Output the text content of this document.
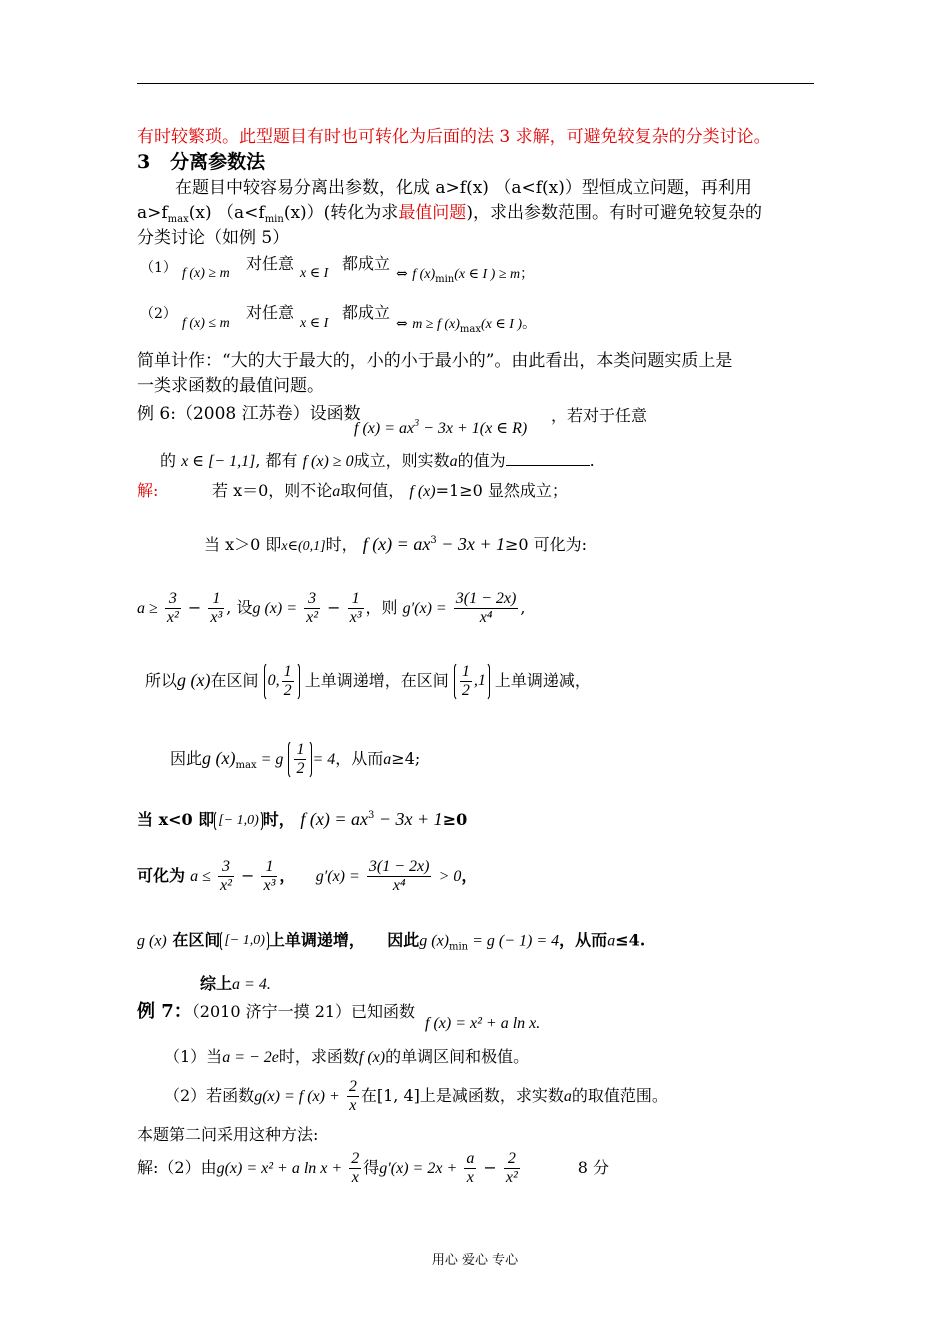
有时较繁琐。此型题目有时也可转化为后面的法 3 求解，可避免较复杂的分类讨论。
3 分离参数法
在题目中较容易分离出参数，化成 a>f(x) （a<f(x)）型恒成立问题，再利用
$a>f_{max}(x)$ $(a<f_{min}(x))$(转化为求最值问题)，求出参数范围。有时可避免较复杂的
分类讨论（如例 5）
（1） f (x) ≥ m
对任意
x ∈ I
都成立
⇔ f $(x)_{min}(x$ ∈ I ) ≥ m；
（2）
f (x) ≤ m
对任意
x ∈ I
都成立
⇔ m ≥ f $(x)_{max}(x$ ∈ I )。
简单计作：“大的大于最大的，小的小于最小的”。由此看出，本类问题实质上是
一类求函数的最值问题。
例 6:（2008 江苏卷）设函数
f $(x) = ax^3 - 3x + 1(x$ ∈ R)
，若对于任意
的 x ∈ [− 1,1], 都有 f (x) ≥ 0成立，则实数a的值为	.
解:	若 x＝0，则不论a取何值， f (x)=1≥0 显然成立；
当 x＞0 即x∈(0,1]时， f $(x) = ax^3 - 3x + 1\ge 0$ 可化为:
$a \ge \frac{3}{\text{x²}} - \frac{1}{\text{x³}}$ , 设g $(x) = \frac{3}{\text{x²}} - \frac{1}{\text{x³}}$ ，则 $g'(x) = \frac{3(1 - 2x)}{\text{x⁴}}$ ,
所以g (x)在区间 0, $\frac{1}{2}$ 上单调递增，在区间 $\frac{1}{2} ,1$ 上单调递减，
因此g $(x)_{max} = g \frac{1}{2} = 4$，从而a≥4;
当 x<0 即 [− 1,0) 时， f $(x) = ax^3 - 3x + 1\ge 0$
可化为 $a \le \frac{3}{\text{x²}} - \frac{1}{\text{x³}}$ ， $g'(x) = \frac{3(1 - 2x)}{\text{x⁴}} > 0$，
g (x) 在区间 [− 1,0) 上单调递增， 因此g $(x)_{min} = g$ (− 1) = 4，从而a≤4.
综上a = 4.
例 7：（2010 济宁一摸 21）已知函数
f (x) = x² + a ln x.
（1）当a = − 2e时，求函数f (x)的单调区间和极值。
（2）若函数g(x) = f $(x) + \frac{2}{x}$ 在[1, 4]上是减函数，求实数a的取值范围。
本题第二问采用这种方法:
解:（2）由g(x) = x² + a $\ln x + \frac{2}{x}$ 得$g'(x) = 2x + \frac{a}{x} - \frac{2}{\text{x²}}$	8 分
用心 爱心 专心
